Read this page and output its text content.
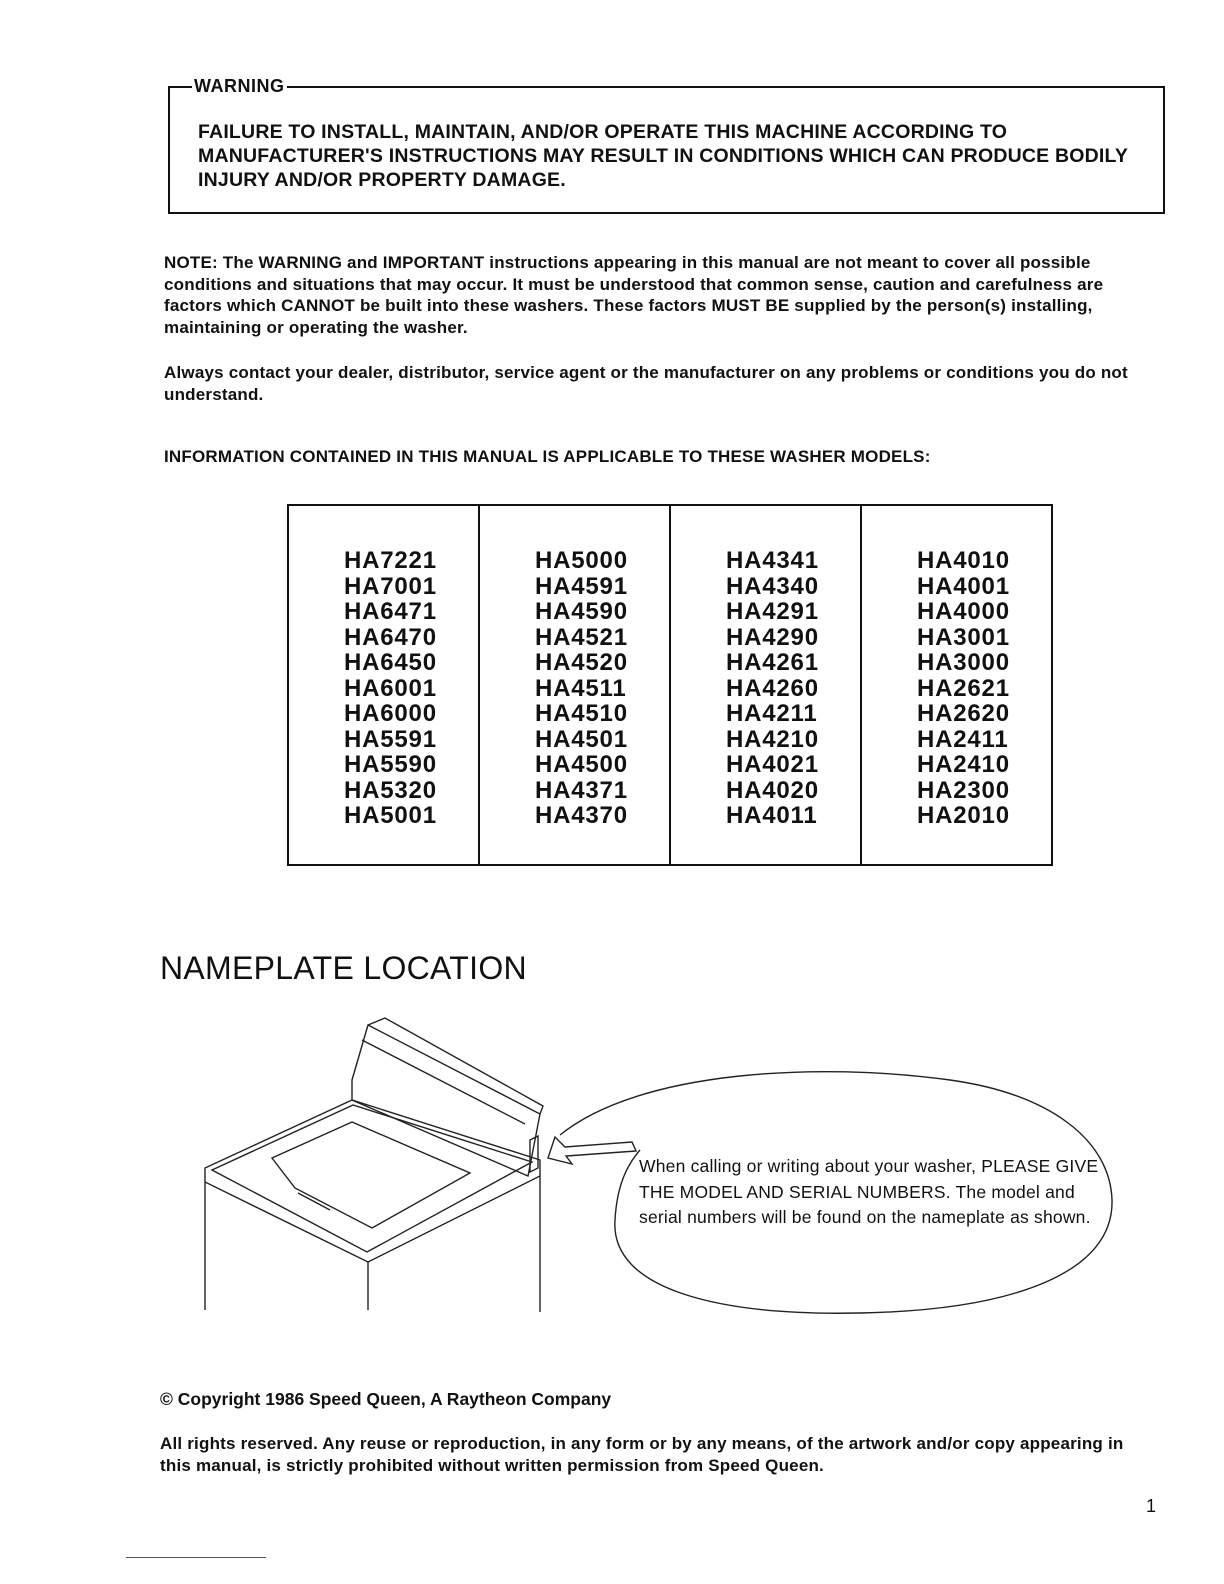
WARNING
FAILURE TO INSTALL, MAINTAIN, AND/OR OPERATE THIS MACHINE ACCORDING TO MANUFACTURER'S INSTRUCTIONS MAY RESULT IN CONDITIONS WHICH CAN PRODUCE BODILY INJURY AND/OR PROPERTY DAMAGE.
NOTE: The WARNING and IMPORTANT instructions appearing in this manual are not meant to cover all possible conditions and situations that may occur. It must be understood that common sense, caution and carefulness are factors which CANNOT be built into these washers. These factors MUST BE supplied by the person(s) installing, maintaining or operating the washer.
Always contact your dealer, distributor, service agent or the manufacturer on any problems or conditions you do not understand.
INFORMATION CONTAINED IN THIS MANUAL IS APPLICABLE TO THESE WASHER MODELS:
HA7221
HA7001
HA6471
HA6470
HA6450
HA6001
HA6000
HA5591
HA5590
HA5320
HA5001
HA5000
HA4591
HA4590
HA4521
HA4520
HA4511
HA4510
HA4501
HA4500
HA4371
HA4370
HA4341
HA4340
HA4291
HA4290
HA4261
HA4260
HA4211
HA4210
HA4021
HA4020
HA4011
HA4010
HA4001
HA4000
HA3001
HA3000
HA2621
HA2620
HA2411
HA2410
HA2300
HA2010
NAMEPLATE LOCATION
When calling or writing about your washer, PLEASE GIVE THE MODEL AND SERIAL NUMBERS. The model and serial numbers will be found on the nameplate as shown.
© Copyright 1986 Speed Queen, A Raytheon Company
All rights reserved. Any reuse or reproduction, in any form or by any means, of the artwork and/or copy appearing in this manual, is strictly prohibited without written permission from Speed Queen.
1
